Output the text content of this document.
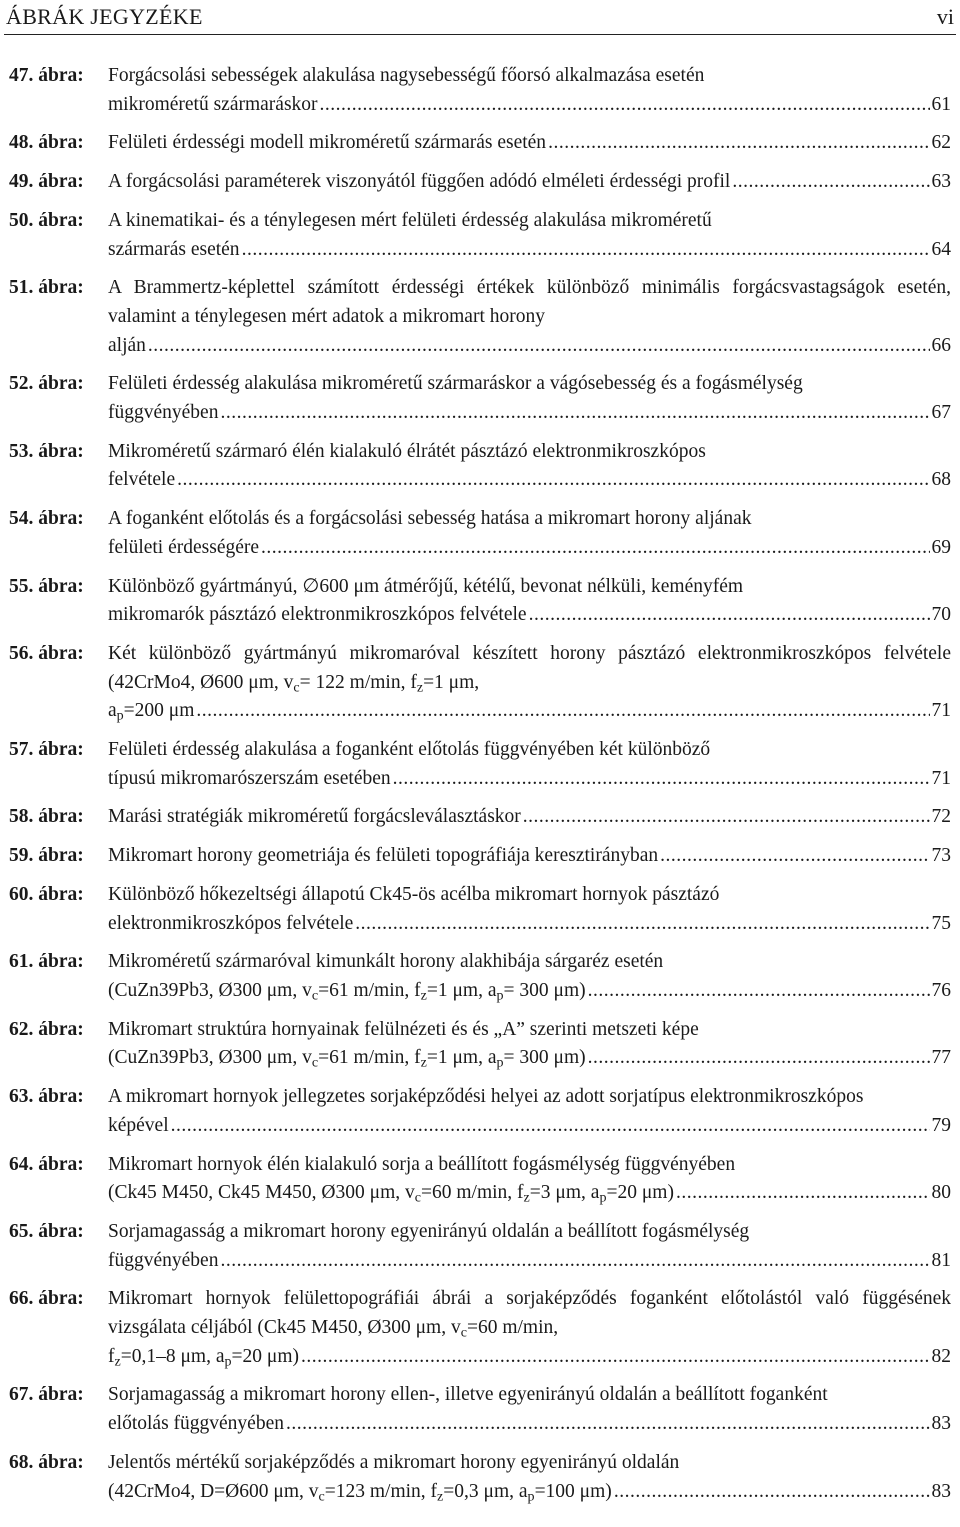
ÁBRÁK JEGYZÉKE	vi
47. ábra: Forgácsolási sebességek alakulása nagysebességű főorsó alkalmazása esetén
mikroméretű szármaráskor .....	61
48. ábra: Felületi érdességi modell mikroméretű szármarás esetén .....	62
49. ábra: A forgácsolási paraméterek viszonyától függően adódó elméleti érdességi profil .....	63
50. ábra: A kinematikai- és a ténylegesen mért felületi érdesség alakulása mikroméretű
szármarás esetén .....	64
51. ábra: A Brammertz-képlettel számított érdességi értékek különböző minimális forgácsvastagságok esetén, valamint a ténylegesen mért adatok a mikromart horony
alján .....	66
52. ábra: Felületi érdesség alakulása mikroméretű szármaráskor a vágósebesség és a fogásmélység
függvényében .....	67
53. ábra: Mikroméretű szármaró élén kialakuló élrátét pásztázó elektronmikroszkópos
felvétele .....	68
54. ábra: A foganként előtolás és a forgácsolási sebesség hatása a mikromart horony aljának
felületi érdességére .....	69
55. ábra: Különböző gyártmányú, ∅600 μm átmérőjű, kétélű, bevonat nélküli, keményfém
mikromarók pásztázó elektronmikroszkópos felvétele .....	70
56. ábra: Két különböző gyártmányú mikromaróval készített horony pásztázó elektronmikroszkópos felvétele (42CrMo4, Ø600 μm, $v_c= 122$ m/min, $f_z=1$ μm,
$a_p=200$ μm .....	71
57. ábra: Felületi érdesség alakulása a foganként előtolás függvényében két különböző
típusú mikromarószerszám esetében .....	71
58. ábra: Marási stratégiák mikroméretű forgácsleválasztáskor .....	72
59. ábra: Mikromart horony geometriája és felületi topográfiája keresztirányban .....	73
60. ábra: Különböző hőkezeltségi állapotú Ck45-ös acélba mikromart hornyok pásztázó
elektronmikroszkópos felvétele .....	75
61. ábra: Mikroméretű szármaróval kimunkált horony alakhibája sárgaréz esetén
(CuZn39Pb3, Ø300 μm, $v_c=61$ m/min, $f_z=1$ μm, $a_p= 300$ μm) .....	76
62. ábra: Mikromart struktúra hornyainak felülnézeti és és „A” szerinti metszeti képe
(CuZn39Pb3, Ø300 μm, $v_c=61$ m/min, $f_z=1$ μm, $a_p= 300$ μm) .....	77
63. ábra: A mikromart hornyok jellegzetes sorjaképződési helyei az adott sorjatípus elektronmikroszkópos
képével .....	79
64. ábra: Mikromart hornyok élén kialakuló sorja a beállított fogásmélység függvényében
(Ck45 M450, Ck45 M450, Ø300 μm, $v_c=60$ m/min, $f_z=3$ μm, $a_p=20$ μm) .....	80
65. ábra: Sorjamagasság a mikromart horony egyenirányú oldalán a beállított fogásmélység
függvényében .....	81
66. ábra: Mikromart hornyok felülettopográfiái ábrái a sorjaképződés foganként előtolástól való függésének vizsgálata céljából (Ck45 M450, Ø300 μm, $v_c=60$ m/min,
$f_z=0,1-8$ μm, $a_p=20$ μm) .....	82
67. ábra: Sorjamagasság a mikromart horony ellen-, illetve egyenirányú oldalán a beállított foganként
előtolás függvényében .....	83
68. ábra: Jelentős mértékű sorjaképződés a mikromart horony egyenirányú oldalán
(42CrMo4, D=Ø600 μm, $v_c=123$ m/min, $f_z=0,3$ μm, $a_p=100$ μm) .....	83
